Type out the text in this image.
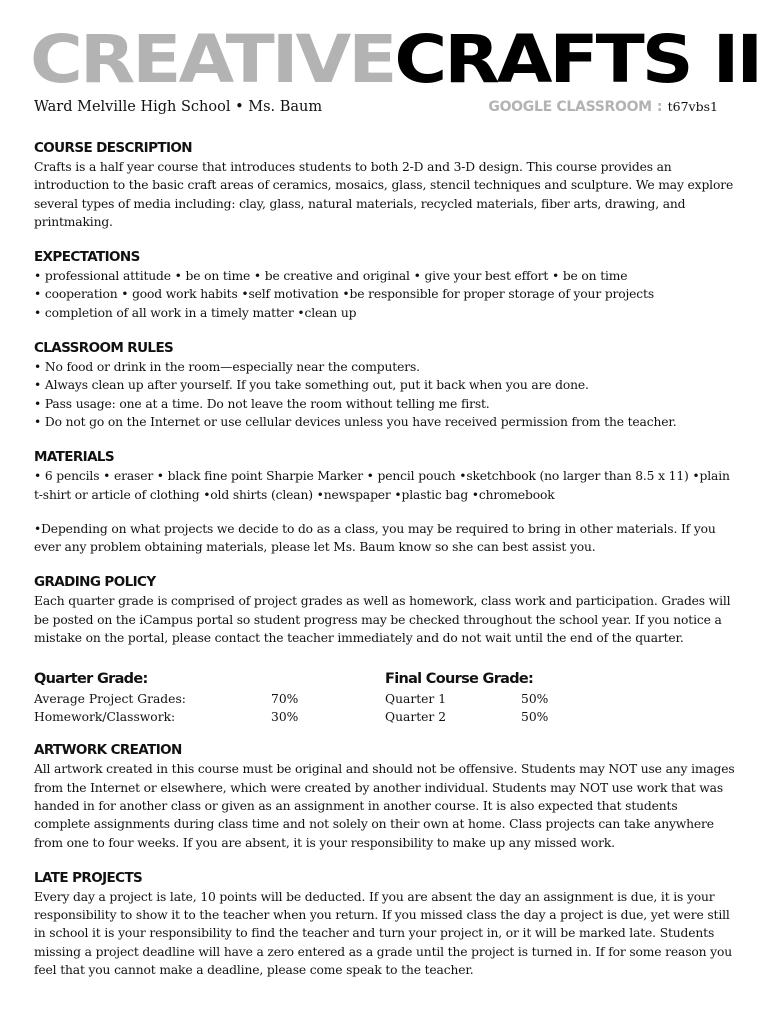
CREATIVECRAFTS II
Ward Melville High School • Ms. Baum	GOOGLE CLASSROOM : t67vbs1
COURSE DESCRIPTION

Crafts is a half year course that introduces students to both 2-D and 3-D design. This course provides an introduction to the basic craft areas of ceramics, mosaics, glass, stencil techniques and sculpture. We may explore several types of media including: clay, glass, natural materials, recycled materials, fiber arts, drawing, and printmaking.

EXPECTATIONS
• professional attitude • be on time • be creative and original • give your best effort • be on time
• cooperation • good work habits •self motivation •be responsible for proper storage of your projects
• completion of all work in a timely matter •clean up
CLASSROOM RULES
• No food or drink in the room—especially near the computers.
• Always clean up after yourself. If you take something out, put it back when you are done.
• Pass usage: one at a time. Do not leave the room without telling me first.
• Do not go on the Internet or use cellular devices unless you have received permission from the teacher.
MATERIALS

• 6 pencils • eraser • black fine point Sharpie Marker • pencil pouch •sketchbook (no larger than 8.5 x 11) •plain t-shirt or article of clothing •old shirts (clean) •newspaper •plastic bag •chromebook

•Depending on what projects we decide to do as a class, you may be required to bring in other materials. If you ever any problem obtaining materials, please let Ms. Baum know so she can best assist you.

GRADING POLICY

Each quarter grade is comprised of project grades as well as homework, class work and participation. Grades will be posted on the iCampus portal so student progress may be checked throughout the school year. If you notice a mistake on the portal, please contact the teacher immediately and do not wait until the end of the quarter.

Quarter Grade:
Average Project Grades:	70%
Homework/Classwork:	30%
Final Course Grade:
Quarter 1	50%
Quarter 2	50%
ARTWORK CREATION

All artwork created in this course must be original and should not be offensive. Students may NOT use any images from the Internet or elsewhere, which were created by another individual. Students may NOT use work that was handed in for another class or given as an assignment in another course. It is also expected that students complete assignments during class time and not solely on their own at home. Class projects can take anywhere from one to four weeks. If you are absent, it is your responsibility to make up any missed work.

LATE PROJECTS

Every day a project is late, 10 points will be deducted. If you are absent the day an assignment is due, it is your responsibility to show it to the teacher when you return. If you missed class the day a project is due, yet were still in school it is your responsibility to find the teacher and turn your project in, or it will be marked late. Students missing a project deadline will have a zero entered as a grade until the project is turned in. If for some reason you feel that you cannot make a deadline, please come speak to the teacher.
